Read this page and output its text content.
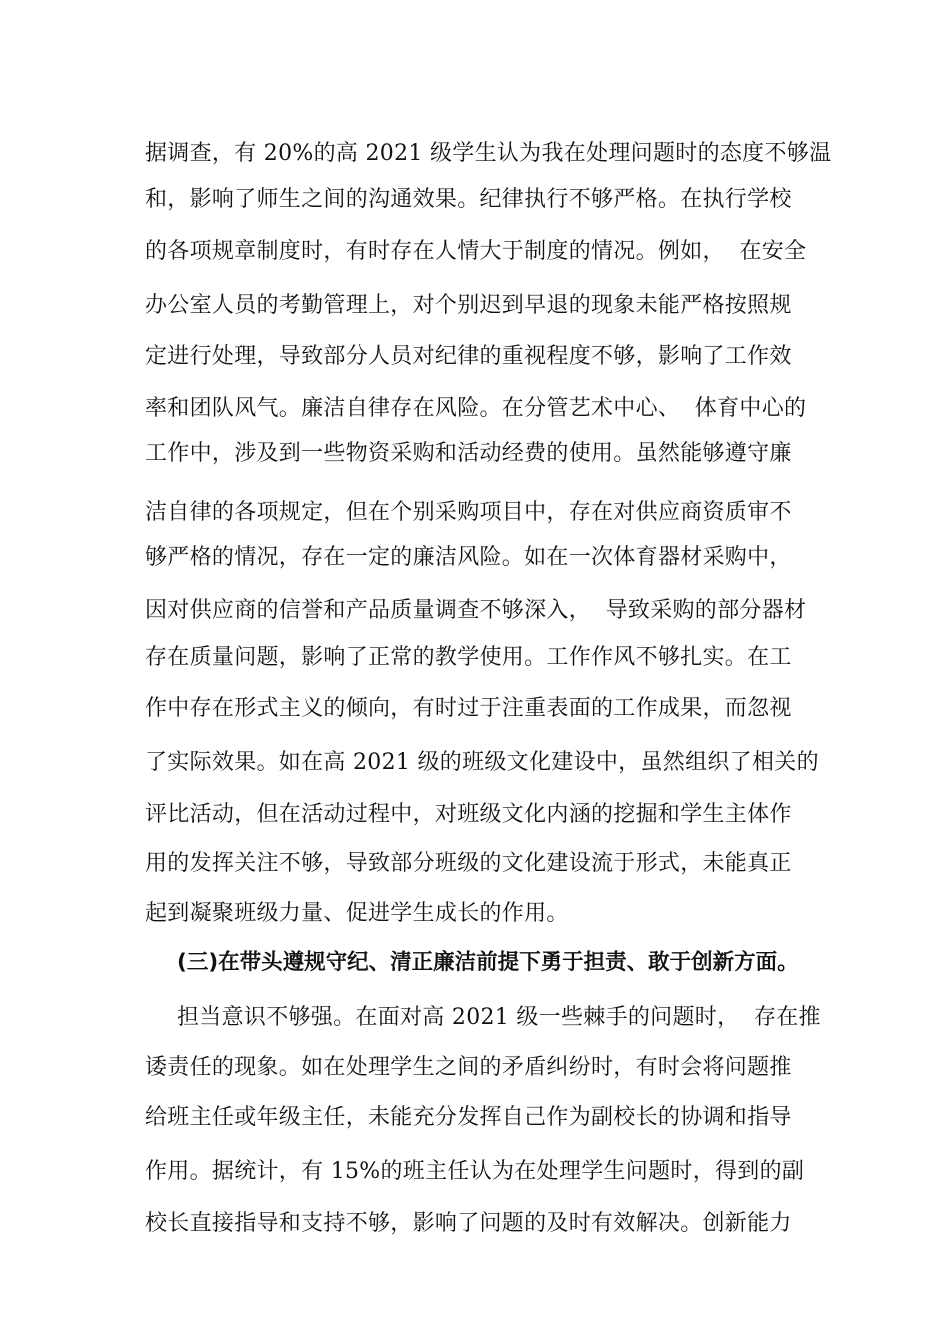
据调查，有 20%的高 2021 级学生认为我在处理问题时的态度不够温

和，影响了师生之间的沟通效果。纪律执行不够严格。在执行学校

的各项规章制度时，有时存在人情大于制度的情况。例如，  在安全

办公室人员的考勤管理上，对个别迟到早退的现象未能严格按照规

定进行处理，导致部分人员对纪律的重视程度不够，影响了工作效

率和团队风气。廉洁自律存在风险。在分管艺术中心、  体育中心的

工作中，涉及到一些物资采购和活动经费的使用。虽然能够遵守廉

洁自律的各项规定，但在个别采购项目中，存在对供应商资质审不

够严格的情况，存在一定的廉洁风险。如在一次体育器材采购中，

因对供应商的信誉和产品质量调查不够深入，  导致采购的部分器材

存在质量问题，影响了正常的教学使用。工作作风不够扎实。在工

作中存在形式主义的倾向，有时过于注重表面的工作成果，而忽视

了实际效果。如在高 2021 级的班级文化建设中，虽然组织了相关的

评比活动，但在活动过程中，对班级文化内涵的挖掘和学生主体作

用的发挥关注不够，导致部分班级的文化建设流于形式，未能真正

起到凝聚班级力量、促进学生成长的作用。

(三)在带头遵规守纪、清正廉洁前提下勇于担责、敢于创新方面。

担当意识不够强。在面对高 2021 级一些棘手的问题时，  存在推

诿责任的现象。如在处理学生之间的矛盾纠纷时，有时会将问题推

给班主任或年级主任，未能充分发挥自己作为副校长的协调和指导

作用。据统计，有 15%的班主任认为在处理学生问题时，得到的副

校长直接指导和支持不够，影响了问题的及时有效解决。创新能力
